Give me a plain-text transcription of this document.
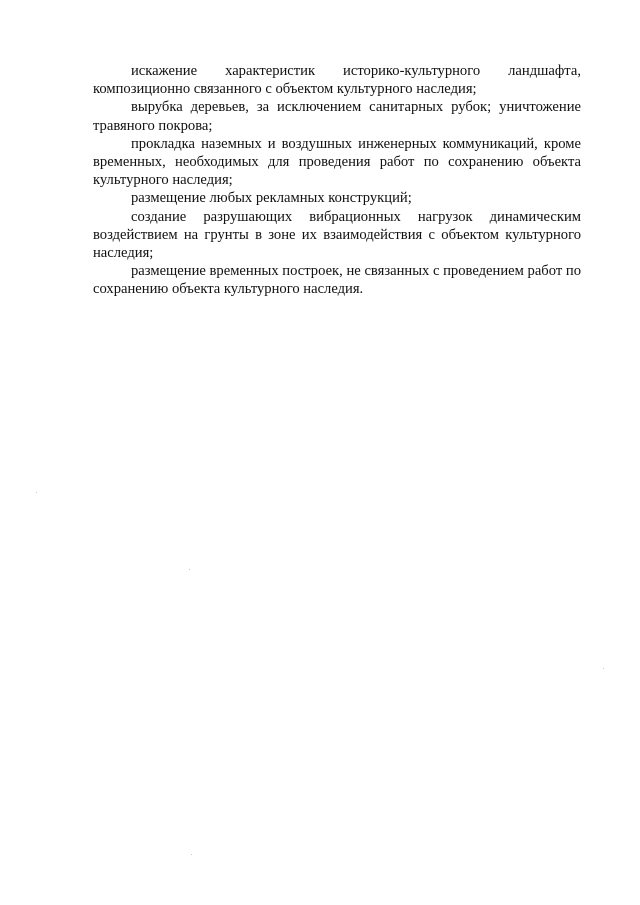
искажение характеристик историко-культурного ландшафта, композиционно связанного с объектом культурного наследия;

вырубка деревьев, за исключением санитарных рубок; уничтожение травяного покрова;

прокладка наземных и воздушных инженерных коммуникаций, кроме временных, необходимых для проведения работ по сохранению объекта культурного наследия;

размещение любых рекламных конструкций;

создание разрушающих вибрационных нагрузок динамическим воздействием на грунты в зоне их взаимодействия с объектом культурного наследия;

размещение временных построек, не связанных с проведением работ по сохранению объекта культурного наследия.
